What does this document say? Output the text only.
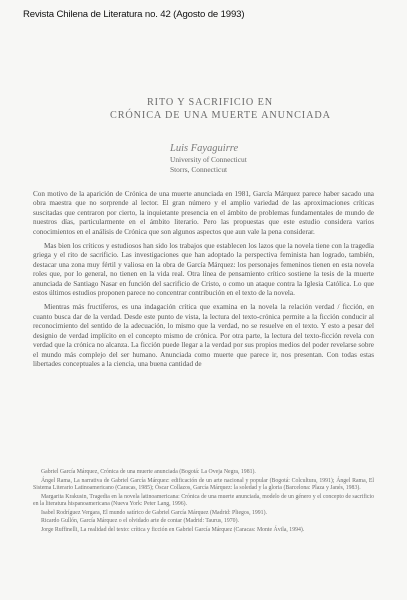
Revista Chilena de Literatura no. 42 (Agosto de 1993)
RITO Y SACRIFICIO EN
CRÓNICA DE UNA MUERTE ANUNCIADA
Luis Fayaguirre
University of Connecticut
Storrs, Connecticut

Con motivo de la aparición de Crónica de una muerte anunciada en 1981, García Márquez parece haber sacado una obra maestra que no sorprende al lector. El gran número y el amplio variedad de las aproximaciones críticas suscitadas que centraron por cierto, la inquietante presencia en el ámbito de problemas fundamentales de mundo de nuestros días, particularmente en el ámbito literario. Pero las propuestas que este estudio considera varios conocimientos en el análisis de Crónica que son algunos aspectos que aun vale la pena considerar.

Mas bien los críticos y estudiosos han sido los trabajos que establecen los lazos que la novela tiene con la tragedia griega y el rito de sacrificio. Las investigaciones que han adoptado la perspectiva feminista han logrado, también, destacar una zona muy fértil y valiosa en la obra de García Márquez: los personajes femeninos tienen en esta novela roles que, por lo general, no tienen en la vida real. Otra línea de pensamiento crítico sostiene la tesis de la muerte anunciada de Santiago Nasar en función del sacrificio de Cristo, o como un ataque contra la Iglesia Católica. Lo que estos últimos estudios proponen parece no concentrar contribución en el texto de la novela.

Mientras más fructíferos, es una indagación crítica que examina en la novela la relación verdad / ficción, en cuanto busca dar de la verdad. Desde este punto de vista, la lectura del texto-crónica permite a la ficción conducir al reconocimiento del sentido de la adecuación, lo mismo que la verdad, no se resuelve en el texto. Y esto a pesar del designio de verdad implícito en el concepto mismo de crónica. Por otra parte, la lectura del texto-ficción revela con verdad que la crónica no alcanza. La ficción puede llegar a la verdad por sus propios medios del poder revelarse sobre el mundo más complejo del ser humano. Anunciada como muerte que parece ir, nos presentan. Con todas estas libertades conceptuales a la ciencia, una buena cantidad de

Gabriel García Márquez, Crónica de una muerte anunciada (Bogotá: La Oveja Negra, 1981).
Ángel Rama, La narrativa de Gabriel García Márquez: edificación de un arte nacional y popular (Bogotá: Colcultura, 1991); Ángel Rama, El Sistema Literario Latinoamericano (Caracas, 1985); Óscar Collazos, García Márquez: la soledad y la gloria (Barcelona: Plaza y Janés, 1983).
Margarita Krakusin, Tragedia en la novela latinoamericana: Crónica de una muerte anunciada, modelo de un género y el concepto de sacrificio en la literatura hispanoamericana (Nueva York: Peter Lang, 1996).
Isabel Rodríguez Vergara, El mundo satírico de Gabriel García Márquez (Madrid: Pliegos, 1991).
Ricardo Gullón, García Márquez o el olvidado arte de contar (Madrid: Taurus, 1970).
Jorge Ruffinelli, La realidad del texto: crítica y ficción en Gabriel García Márquez (Caracas: Monte Ávila, 1994).
